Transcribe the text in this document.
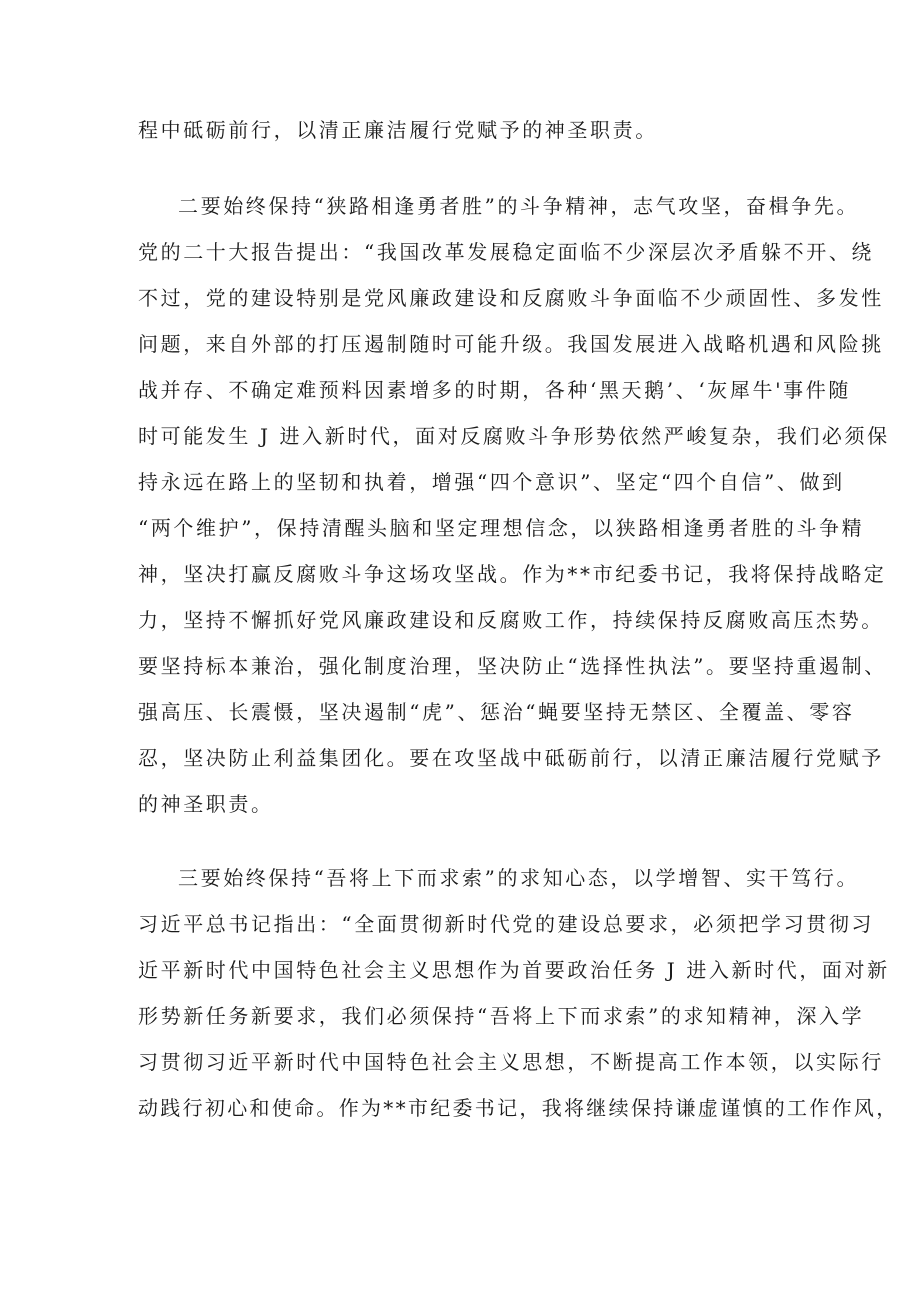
程中砥砺前行，以清正廉洁履行党赋予的神圣职责。
二要始终保持“狭路相逢勇者胜”的斗争精神，志气攻坚，奋楫争先。
党的二十大报告提出：“我国改革发展稳定面临不少深层次矛盾躲不开、绕
不过，党的建设特别是党风廉政建设和反腐败斗争面临不少顽固性、多发性
问题，来自外部的打压遏制随时可能升级。我国发展进入战略机遇和风险挑
战并存、不确定难预料因素增多的时期，各种‘黑天鹅’、‘灰犀牛'事件随
时可能发生 J 进入新时代，面对反腐败斗争形势依然严峻复杂，我们必须保
持永远在路上的坚韧和执着，增强“四个意识”、坚定“四个自信”、做到
“两个维护”，保持清醒头脑和坚定理想信念，以狭路相逢勇者胜的斗争精
神，坚决打赢反腐败斗争这场攻坚战。作为**市纪委书记，我将保持战略定
力，坚持不懈抓好党风廉政建设和反腐败工作，持续保持反腐败高压杰势。
要坚持标本兼治，强化制度治理，坚决防止“选择性执法”。要坚持重遏制、
强高压、长震慑，坚决遏制“虎”、惩治“蝇要坚持无禁区、全覆盖、零容
忍，坚决防止利益集团化。要在攻坚战中砥砺前行，以清正廉洁履行党赋予
的神圣职责。
三要始终保持“吾将上下而求索”的求知心态，以学增智、实干笃行。
习近平总书记指出：“全面贯彻新时代党的建设总要求，必须把学习贯彻习
近平新时代中国特色社会主义思想作为首要政治任务 J 进入新时代，面对新
形势新任务新要求，我们必须保持“吾将上下而求索”的求知精神，深入学
习贯彻习近平新时代中国特色社会主义思想，不断提高工作本领，以实际行
动践行初心和使命。作为**市纪委书记，我将继续保持谦虚谨慎的工作作风，
